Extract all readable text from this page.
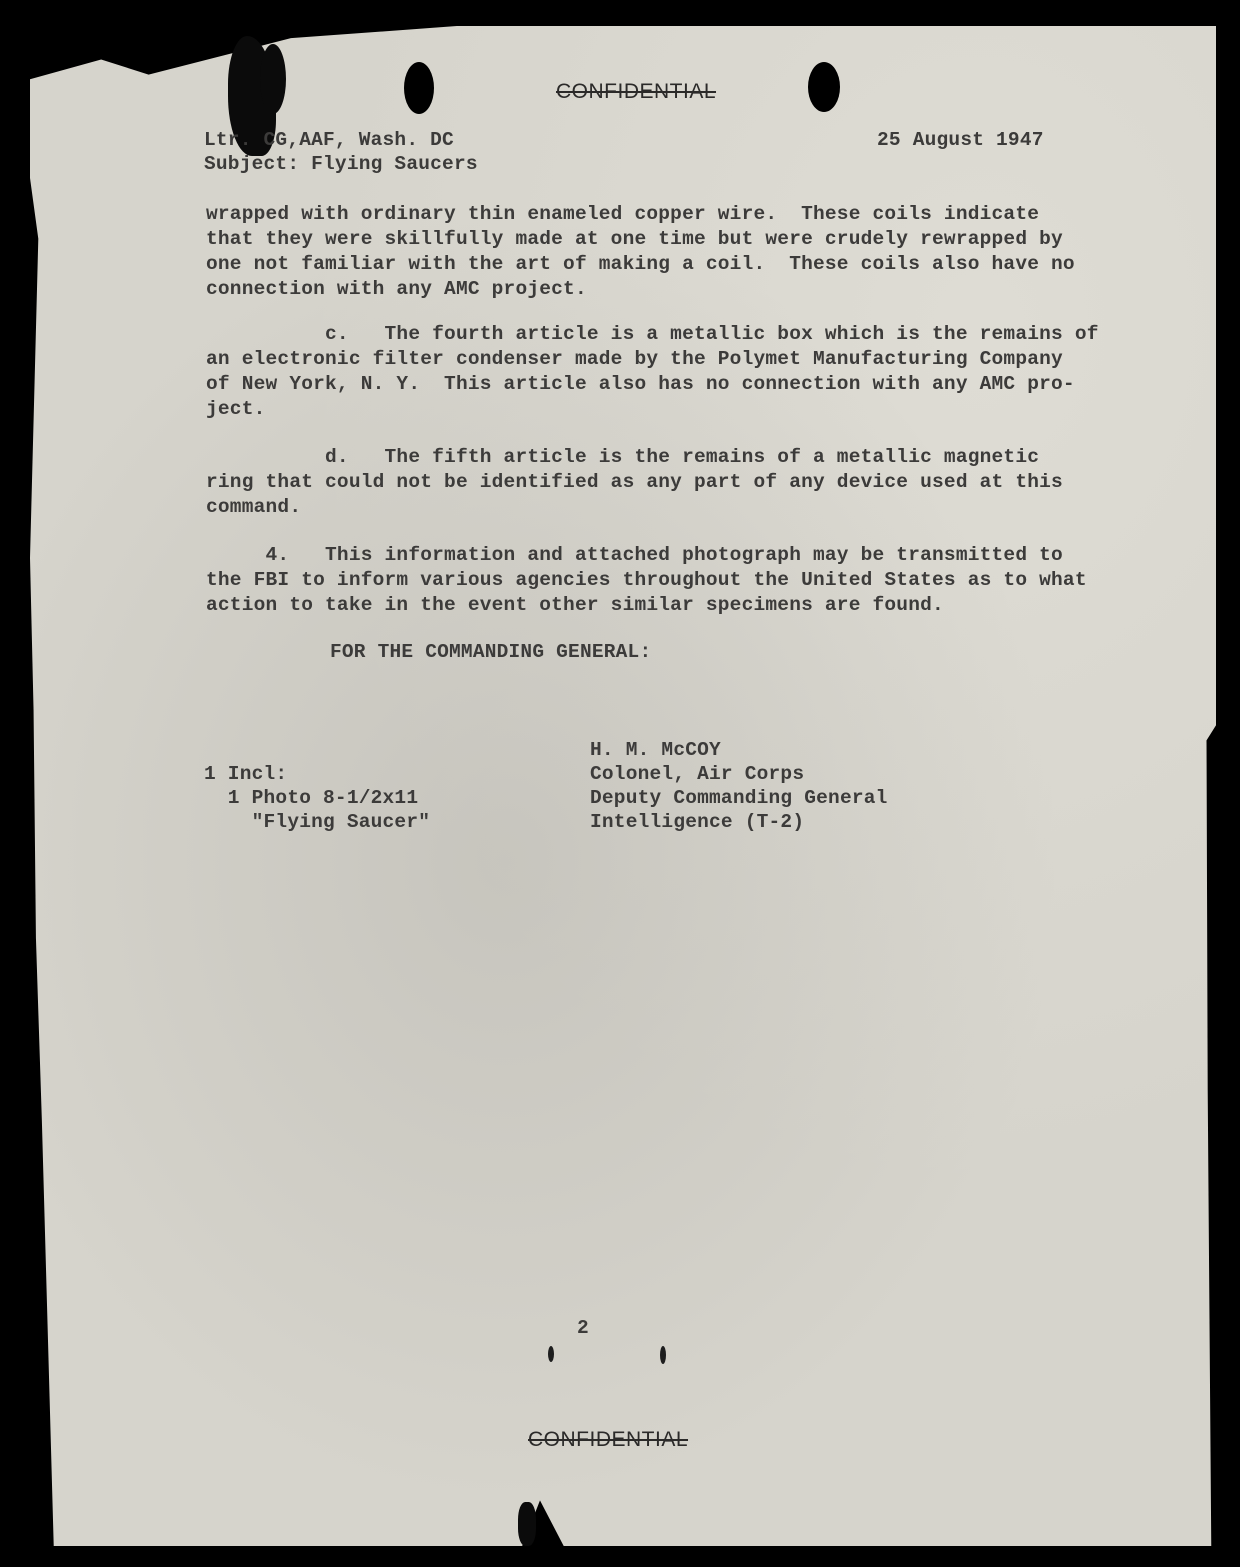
CONFIDENTIAL
Ltr. CG,AAF, Wash. DC
Subject: Flying Saucers
25 August 1947
wrapped with ordinary thin enameled copper wire.  These coils indicate
that they were skillfully made at one time but were crudely rewrapped by
one not familiar with the art of making a coil.  These coils also have no
connection with any AMC project.
c.   The fourth article is a metallic box which is the remains of
an electronic filter condenser made by the Polymet Manufacturing Company
of New York, N. Y.  This article also has no connection with any AMC pro-
ject.
d.   The fifth article is the remains of a metallic magnetic
ring that could not be identified as any part of any device used at this
command.
4.   This information and attached photograph may be transmitted to
the FBI to inform various agencies throughout the United States as to what
action to take in the event other similar specimens are found.
FOR THE COMMANDING GENERAL:
H. M. McCOY
Colonel, Air Corps
Deputy Commanding General
Intelligence (T-2)
1 Incl:
1 Photo 8-1/2x11
"Flying Saucer"
2
CONFIDENTIAL
